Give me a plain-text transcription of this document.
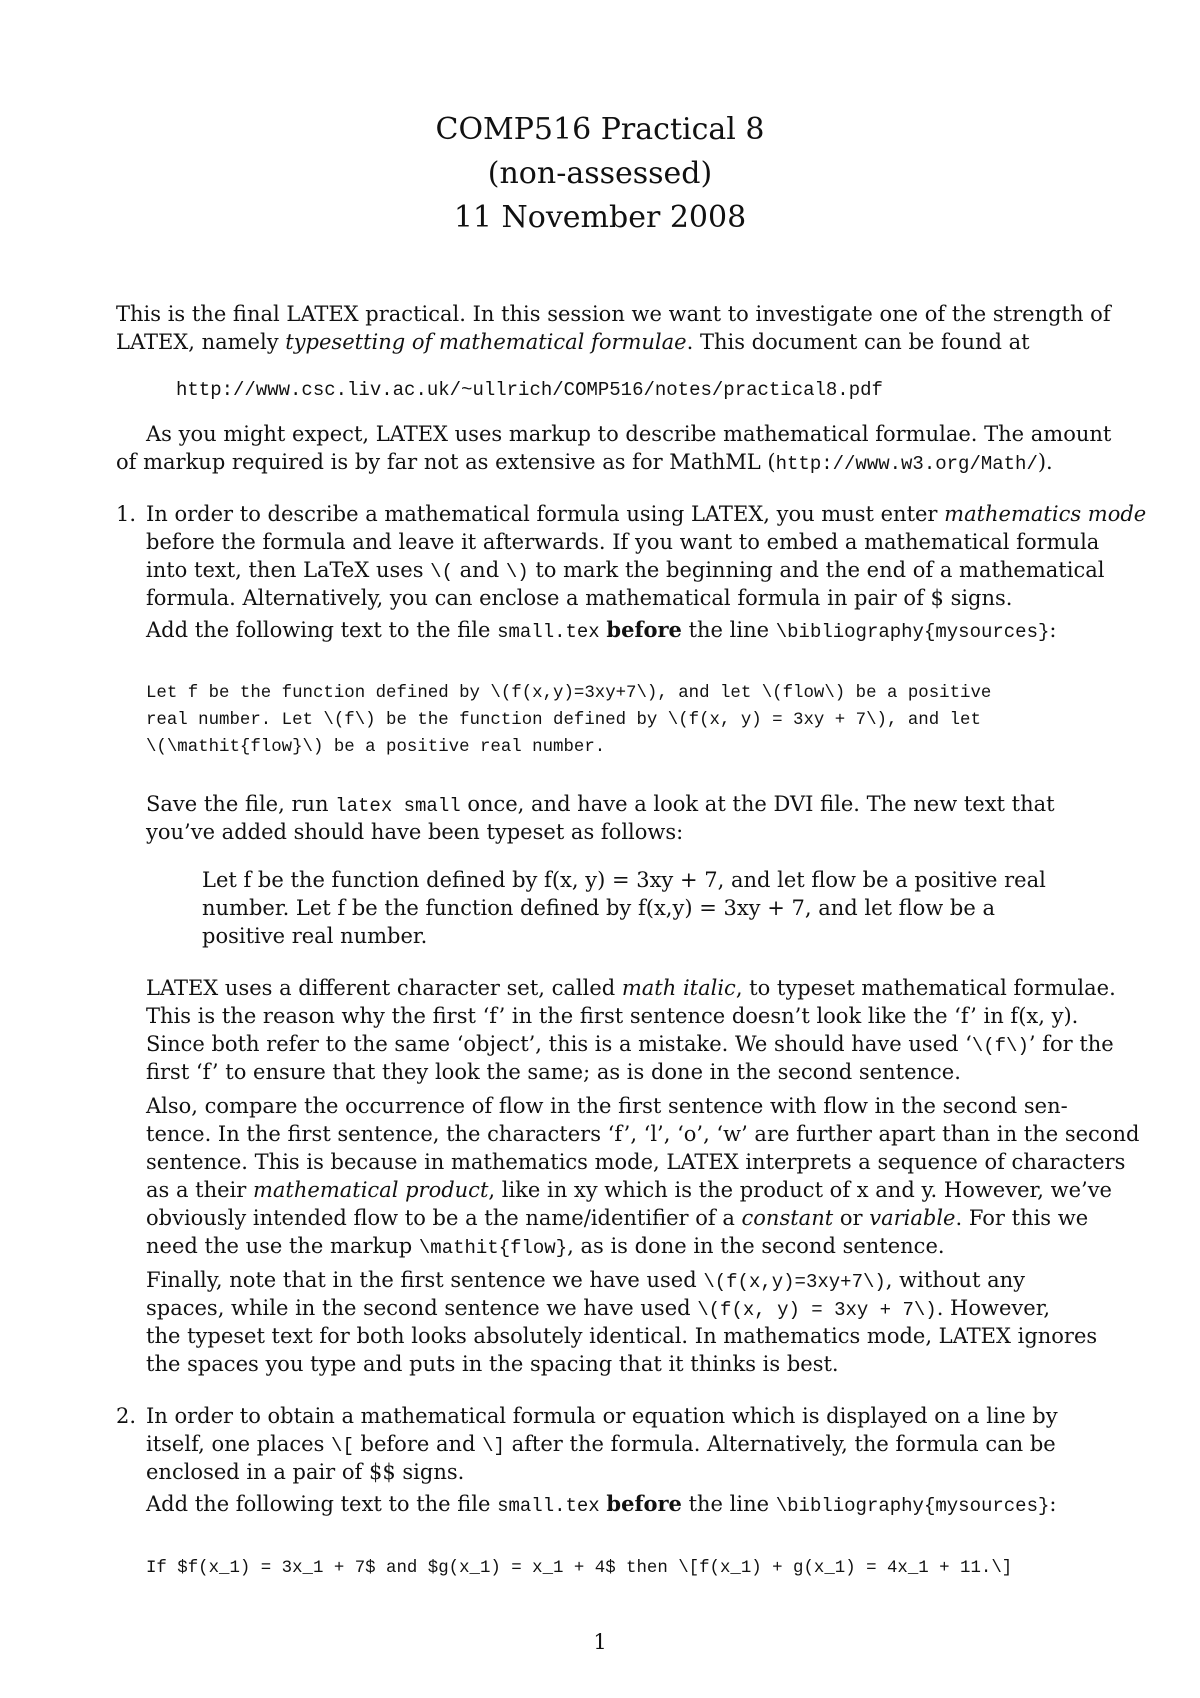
COMP516 Practical 8
(non-assessed)
11 November 2008
This is the final LATEX practical. In this session we want to investigate one of the strength of
LATEX, namely typesetting of mathematical formulae. This document can be found at
http://www.csc.liv.ac.uk/~ullrich/COMP516/notes/practical8.pdf
As you might expect, LATEX uses markup to describe mathematical formulae. The amount
of markup required is by far not as extensive as for MathML (http://www.w3.org/Math/).
1. In order to describe a mathematical formula using LATEX, you must enter mathematics mode
before the formula and leave it afterwards. If you want to embed a mathematical formula
into text, then LaTeX uses \( and \) to mark the beginning and the end of a mathematical
formula. Alternatively, you can enclose a mathematical formula in pair of $ signs.
Add the following text to the file small.tex before the line \bibliography{mysources}:
Let f be the function defined by \(f(x,y)=3xy+7\), and let \(flow\) be a positive
real number. Let \(f\) be the function defined by \(f(x, y) = 3xy + 7\), and let
\(\mathit{flow}\) be a positive real number.
Save the file, run latex small once, and have a look at the DVI file. The new text that
you’ve added should have been typeset as follows:
Let f be the function defined by f(x, y) = 3xy + 7, and let flow be a positive real
number. Let f be the function defined by f(x,y) = 3xy + 7, and let flow be a
positive real number.
LATEX uses a different character set, called math italic, to typeset mathematical formulae.
This is the reason why the first ‘f’ in the first sentence doesn’t look like the ‘f’ in f(x, y).
Since both refer to the same ‘object’, this is a mistake. We should have used ‘\(f\)’ for the
first ‘f’ to ensure that they look the same; as is done in the second sentence.
Also, compare the occurrence of flow in the first sentence with flow in the second sen-
tence. In the first sentence, the characters ‘f’, ‘l’, ‘o’, ‘w’ are further apart than in the second
sentence. This is because in mathematics mode, LATEX interprets a sequence of characters
as a their mathematical product, like in xy which is the product of x and y. However, we’ve
obviously intended flow to be a the name/identifier of a constant or variable. For this we
need the use the markup \mathit{flow}, as is done in the second sentence.
Finally, note that in the first sentence we have used \(f(x,y)=3xy+7\), without any
spaces, while in the second sentence we have used \(f(x, y) = 3xy + 7\). However,
the typeset text for both looks absolutely identical. In mathematics mode, LATEX ignores
the spaces you type and puts in the spacing that it thinks is best.
2. In order to obtain a mathematical formula or equation which is displayed on a line by
itself, one places \[ before and \] after the formula. Alternatively, the formula can be
enclosed in a pair of $$ signs.
Add the following text to the file small.tex before the line \bibliography{mysources}:
If $f(x_1) = 3x_1 + 7$ and $g(x_1) = x_1 + 4$ then \[f(x_1) + g(x_1) = 4x_1 + 11.\]
1
